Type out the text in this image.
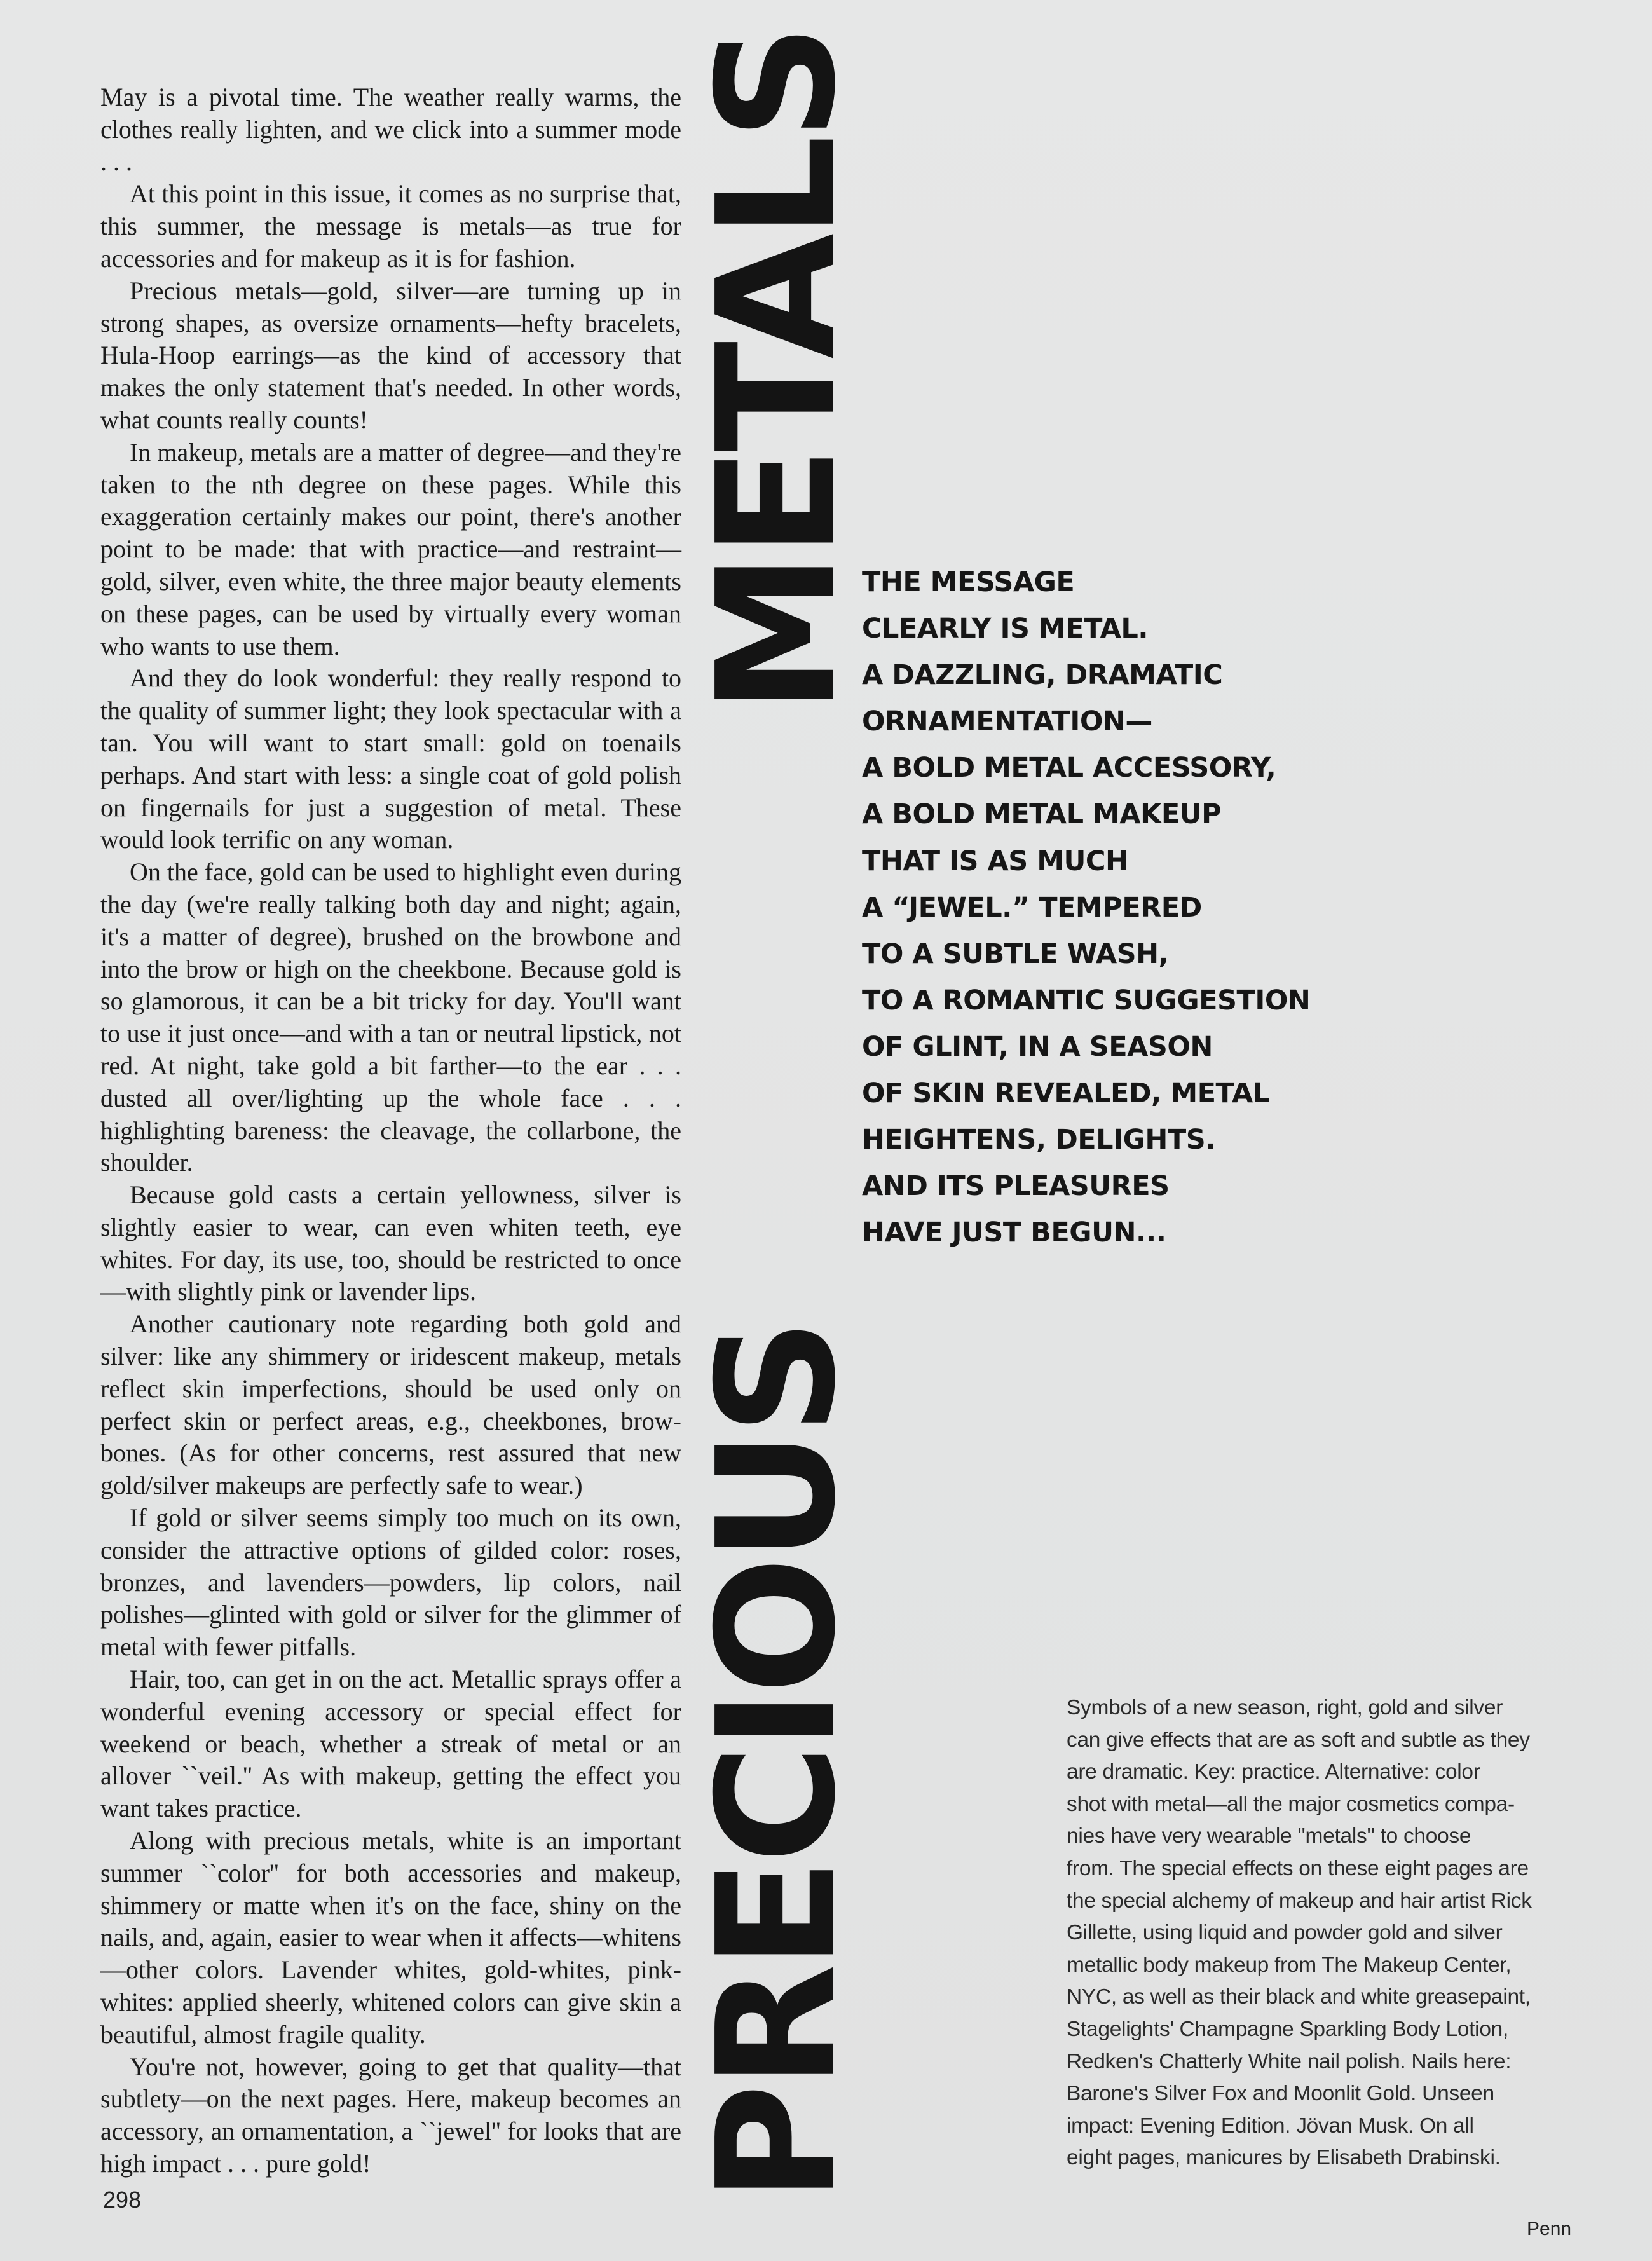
May is a pivotal time. The weather really warms, the clothes really lighten, and we click into a summer mode . . .

At this point in this issue, it comes as no surprise that, this summer, the message is metals—as true for accessories and for makeup as it is for fashion.

Precious metals—gold, silver—are turning up in strong shapes, as oversize ornaments—hefty bracelets, Hula-Hoop earrings—as the kind of accessory that makes the only statement that's needed. In other words, what counts really counts!

In makeup, metals are a matter of degree—and they're taken to the nth degree on these pages. While this exaggeration certainly makes our point, there's another point to be made: that with practice—and restraint—gold, silver, even white, the three major beauty elements on these pages, can be used by virtually every woman who wants to use them.

And they do look wonderful: they really respond to the quality of summer light; they look spectacular with a tan. You will want to start small: gold on toenails perhaps. And start with less: a single coat of gold polish on fingernails for just a suggestion of metal. These would look terrific on any woman.

On the face, gold can be used to highlight even during the day (we're really talking both day and night; again, it's a matter of degree), brushed on the browbone and into the brow or high on the cheekbone. Because gold is so glamorous, it can be a bit tricky for day. You'll want to use it just once—and with a tan or neutral lipstick, not red. At night, take gold a bit farther—to the ear . . . dusted all over/lighting up the whole face . . . highlighting bareness: the cleavage, the collarbone, the shoulder.

Because gold casts a certain yellowness, silver is slightly easier to wear, can even whiten teeth, eye whites. For day, its use, too, should be restricted to once—with slightly pink or lavender lips.

Another cautionary note regarding both gold and silver: like any shimmery or iridescent makeup, metals reflect skin imperfections, should be used only on perfect skin or perfect areas, e.g., cheekbones, browbones. (As for other concerns, rest assured that new gold/silver makeups are perfectly safe to wear.)

If gold or silver seems simply too much on its own, consider the attractive options of gilded color: roses, bronzes, and lavenders—powders, lip colors, nail polishes—glinted with gold or silver for the glimmer of metal with fewer pitfalls.

Hair, too, can get in on the act. Metallic sprays offer a wonderful evening accessory or special effect for weekend or beach, whether a streak of metal or an allover ``veil.'' As with makeup, getting the effect you want takes practice.

Along with precious metals, white is an important summer ``color'' for both accessories and makeup, shimmery or matte when it's on the face, shiny on the nails, and, again, easier to wear when it affects—whitens—other colors. Lavender whites, gold-whites, pink-whites: applied sheerly, whitened colors can give skin a beautiful, almost fragile quality.

You're not, however, going to get that quality—that subtlety—on the next pages. Here, makeup becomes an accessory, an ornamentation, a ``jewel'' for looks that are high impact . . . pure gold!	PRECIOUS METALS
THE MESSAGE
CLEARLY IS METAL.
A DAZZLING, DRAMATIC
ORNAMENTATION—
A BOLD METAL ACCESSORY,
A BOLD METAL MAKEUP
THAT IS AS MUCH
A “JEWEL.” TEMPERED
TO A SUBTLE WASH,
TO A ROMANTIC SUGGESTION
OF GLINT, IN A SEASON
OF SKIN REVEALED, METAL
HEIGHTENS, DELIGHTS.
AND ITS PLEASURES
HAVE JUST BEGUN...
Symbols of a new season, right, gold and silver
can give effects that are as soft and subtle as they
are dramatic. Key: practice. Alternative: color
shot with metal—all the major cosmetics compa-
nies have very wearable ''metals'' to choose
from. The special effects on these eight pages are
the special alchemy of makeup and hair artist Rick
Gillette, using liquid and powder gold and silver
metallic body makeup from The Makeup Center,
NYC, as well as their black and white greasepaint,
Stagelights' Champagne Sparkling Body Lotion,
Redken's Chatterly White nail polish. Nails here:
Barone's Silver Fox and Moonlit Gold. Unseen
impact: Evening Edition. Jövan Musk. On all
eight pages, manicures by Elisabeth Drabinski.
298
Penn
